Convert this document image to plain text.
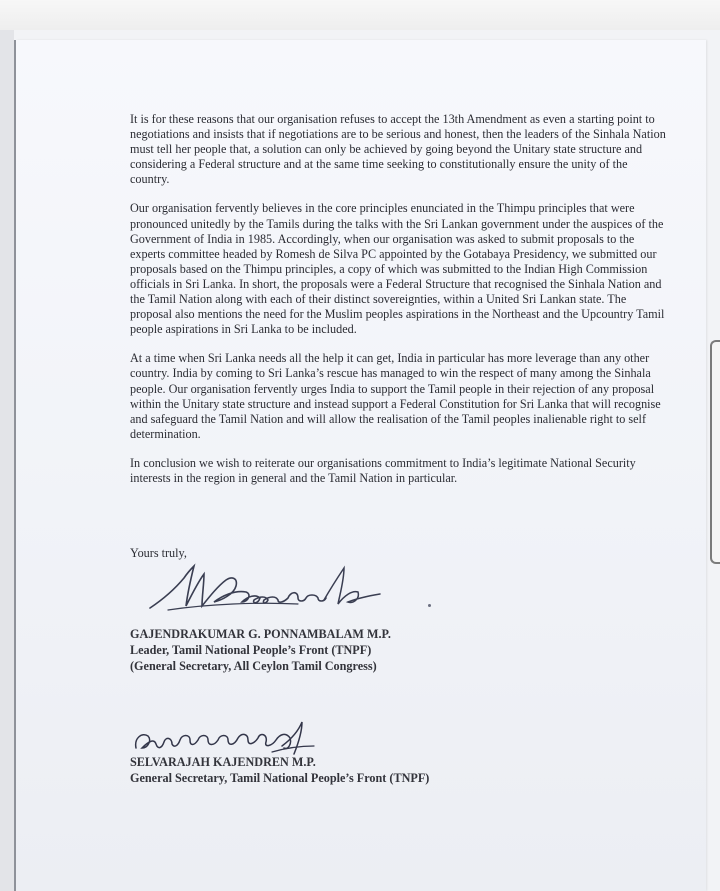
It is for these reasons that our organisation refuses to accept the 13th Amendment as even a starting point to negotiations and insists that if negotiations are to be serious and honest, then the leaders of the Sinhala Nation must tell her people that, a solution can only be achieved by going beyond the Unitary state structure and considering a Federal structure and at the same time seeking to constitutionally ensure the unity of the country.

Our organisation fervently believes in the core principles enunciated in the Thimpu principles that were pronounced unitedly by the Tamils during the talks with the Sri Lankan government under the auspices of the Government of India in 1985. Accordingly, when our organisation was asked to submit proposals to the experts committee headed by Romesh de Silva PC appointed by the Gotabaya Presidency, we submitted our proposals based on the Thimpu principles, a copy of which was submitted to the Indian High Commission officials in Sri Lanka. In short, the proposals were a Federal Structure that recognised the Sinhala Nation and the Tamil Nation along with each of their distinct sovereignties, within a United Sri Lankan state. The proposal also mentions the need for the Muslim peoples aspirations in the Northeast and the Upcountry Tamil people aspirations in Sri Lanka to be included.

At a time when Sri Lanka needs all the help it can get, India in particular has more leverage than any other country. India by coming to Sri Lanka’s rescue has managed to win the respect of many among the Sinhala people. Our organisation fervently urges India to support the Tamil people in their rejection of any proposal within the Unitary state structure and instead support a Federal Constitution for Sri Lanka that will recognise and safeguard the Tamil Nation and will allow the realisation of the Tamil peoples inalienable right to self determination.

In conclusion we wish to reiterate our organisations commitment to India’s legitimate National Security interests in the region in general and the Tamil Nation in particular.

Yours truly,
GAJENDRAKUMAR G. PONNAMBALAM M.P.
Leader, Tamil National People’s Front (TNPF)
(General Secretary, All Ceylon Tamil Congress)
SELVARAJAH KAJENDREN M.P.
General Secretary, Tamil National People’s Front (TNPF)
